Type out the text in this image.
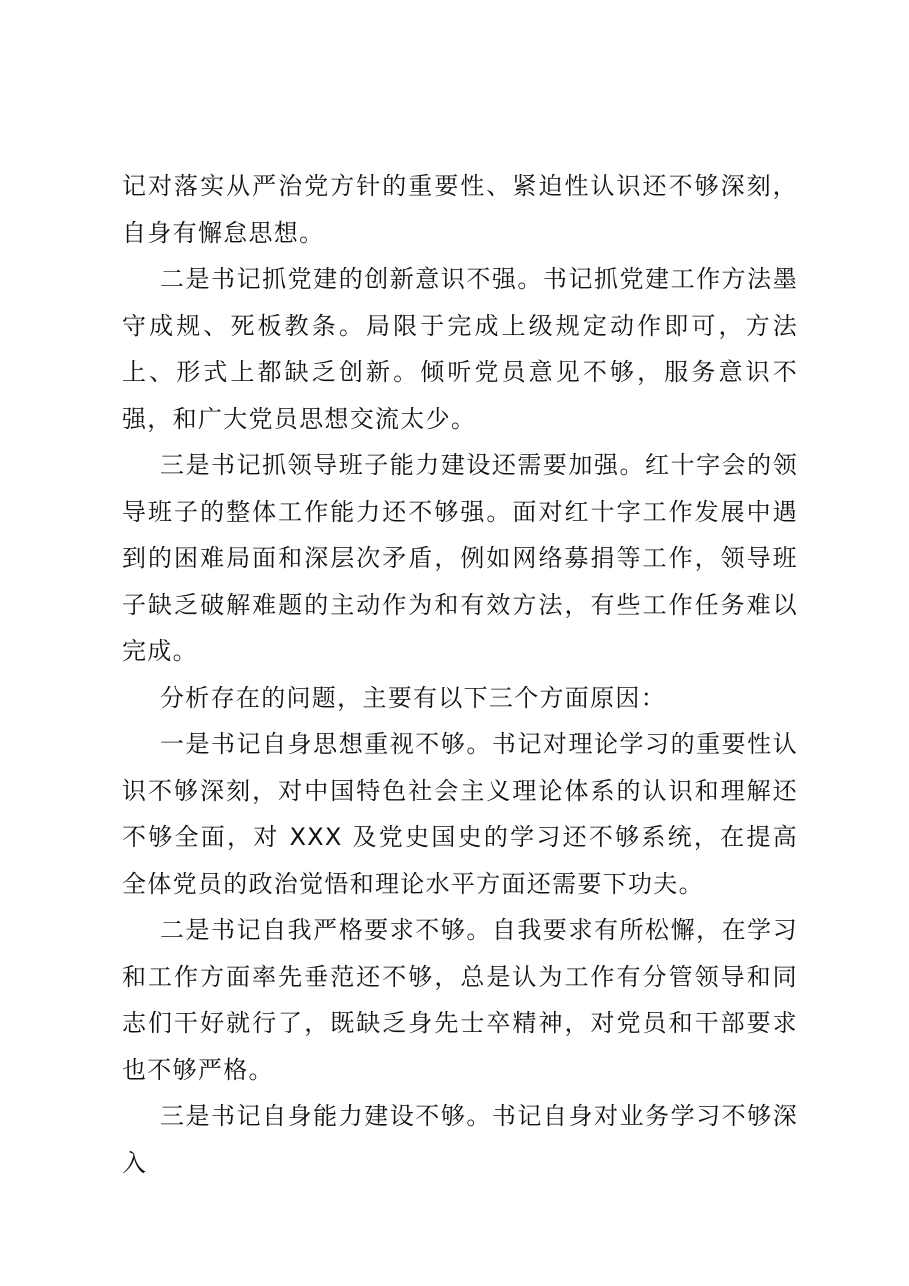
记对落实从严治党方针的重要性、紧迫性认识还不够深刻，自身有懈怠思想。

二是书记抓党建的创新意识不强。书记抓党建工作方法墨守成规、死板教条。局限于完成上级规定动作即可，方法上、形式上都缺乏创新。倾听党员意见不够，服务意识不强，和广大党员思想交流太少。

三是书记抓领导班子能力建设还需要加强。红十字会的领导班子的整体工作能力还不够强。面对红十字工作发展中遇到的困难局面和深层次矛盾，例如网络募捐等工作，领导班子缺乏破解难题的主动作为和有效方法，有些工作任务难以完成。

分析存在的问题，主要有以下三个方面原因：

一是书记自身思想重视不够。书记对理论学习的重要性认识不够深刻，对中国特色社会主义理论体系的认识和理解还不够全面，对 XXX 及党史国史的学习还不够系统，在提高全体党员的政治觉悟和理论水平方面还需要下功夫。

二是书记自我严格要求不够。自我要求有所松懈，在学习和工作方面率先垂范还不够，总是认为工作有分管领导和同志们干好就行了，既缺乏身先士卒精神，对党员和干部要求也不够严格。

三是书记自身能力建设不够。书记自身对业务学习不够深入
